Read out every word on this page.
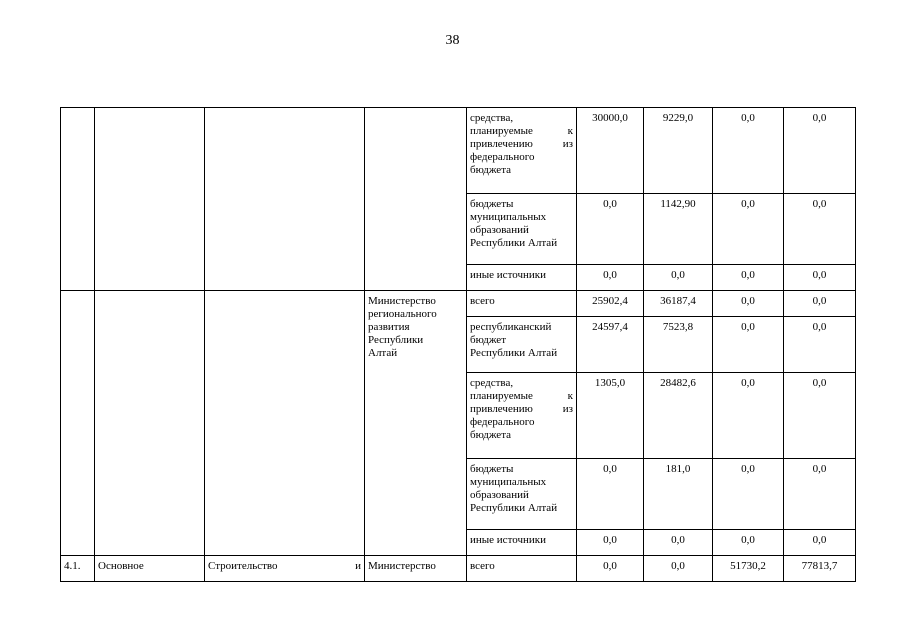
38

				средства,
планируемые к
привлечению из
федерального
бюджета	30000,0	9229,0	0,0	0,0

				бюджеты
муниципальных
образований
Республики Алтай	0,0	1142,90	0,0	0,0

				иные источники	0,0	0,0	0,0	0,0

			Министерство
регионального
развития
Республики
Алтай	всего	25902,4	36187,4	0,0	0,0

				республиканский
бюджет
Республики Алтай	24597,4	7523,8	0,0	0,0

				средства,
планируемые к
привлечению из
федерального
бюджета	1305,0	28482,6	0,0	0,0

				бюджеты
муниципальных
образований
Республики Алтай	0,0	181,0	0,0	0,0

				иные источники	0,0	0,0	0,0	0,0
4.1.	Основное	Строительство и	Министерство	всего	0,0	0,0	51730,2	77813,7
